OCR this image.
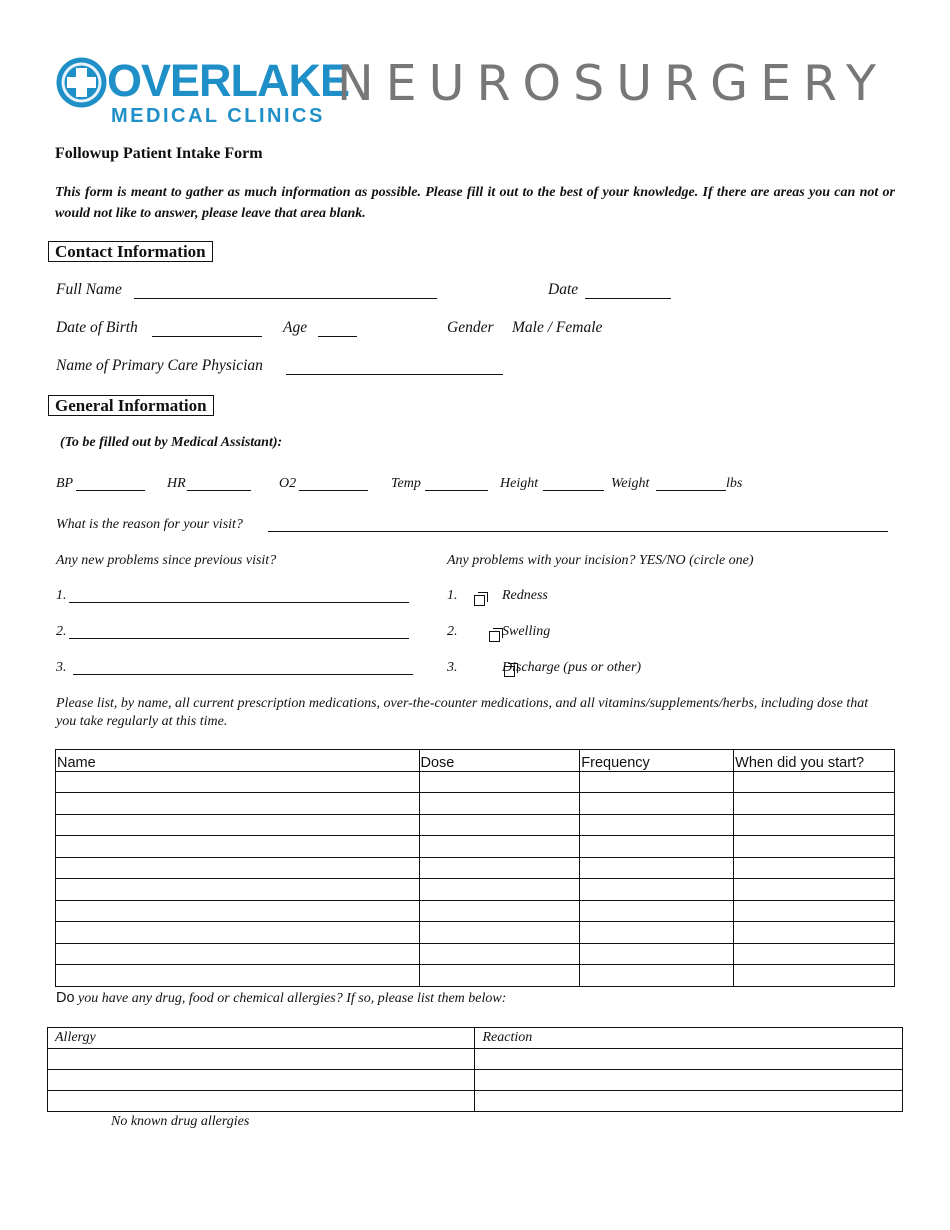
OVERLAKE
MEDICAL CLINICS
NEUROSURGERY
Followup Patient Intake Form
This form is meant to gather as much information as possible. Please fill it out to the best of your knowledge. If there are areas you can not or would not like to answer, please leave that area blank.
Contact Information
Full Name	Date
Date of Birth	Age	Gender Male / Female
Name of Primary Care Physician
General Information
(To be filled out by Medical Assistant):
BP	HR	O2	Temp	Height	Weight	lbs
What is the reason for your visit?
Any new problems since previous visit?	Any problems with your incision? YES/NO (circle one)
1.
2.
3.
1.
	Redness
2.
	Swelling
3.	Discharge (pus or other)
Please list, by name, all current prescription medications, over-the-counter medications, and all vitamins/supplements/herbs, including dose that you take regularly at this time.
Name	Dose	Frequency	When did you start?

Do you have any drug, food or chemical allergies? If so, please list them below:
Allergy	Reaction

No known drug allergies
